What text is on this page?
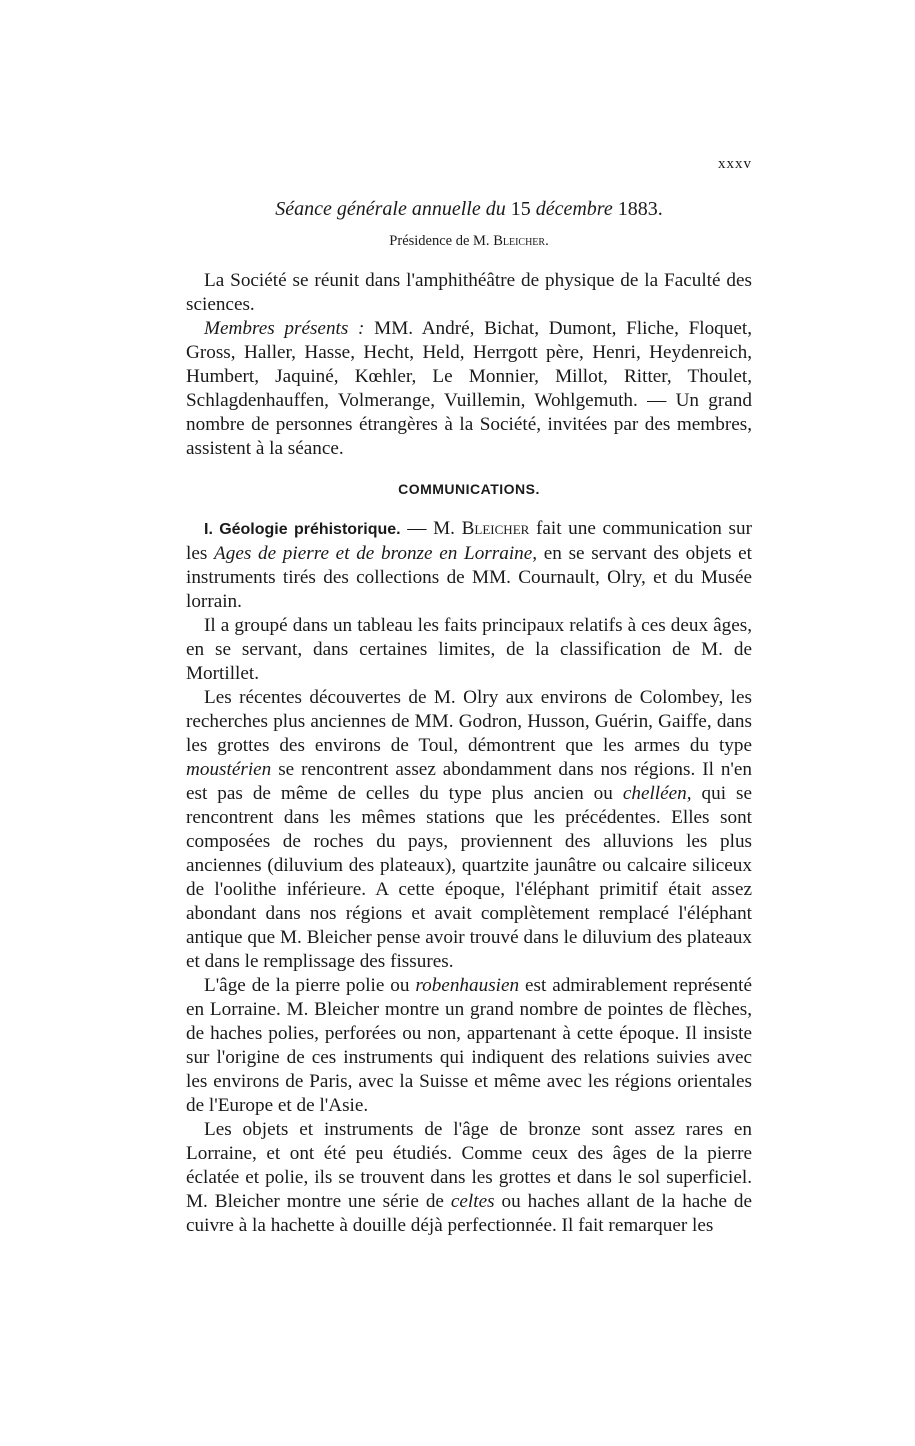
xxxv
Séance générale annuelle du 15 décembre 1883.
Présidence de M. Bleicher.

La Société se réunit dans l'amphithéâtre de physique de la Faculté des sciences.

Membres présents : MM. André, Bichat, Dumont, Fliche, Floquet, Gross, Haller, Hasse, Hecht, Held, Herrgott père, Henri, Heydenreich, Humbert, Jaquiné, Kœhler, Le Monnier, Millot, Ritter, Thoulet, Schlagdenhauffen, Volmerange, Vuillemin, Wohlgemuth. — Un grand nombre de personnes étrangères à la Société, invitées par des membres, assistent à la séance.

COMMUNICATIONS.

I. Géologie préhistorique. — M. Bleicher fait une communication sur les Ages de pierre et de bronze en Lorraine, en se servant des objets et instruments tirés des collections de MM. Cournault, Olry, et du Musée lorrain.

Il a groupé dans un tableau les faits principaux relatifs à ces deux âges, en se servant, dans certaines limites, de la classification de M. de Mortillet.

Les récentes découvertes de M. Olry aux environs de Colombey, les recherches plus anciennes de MM. Godron, Husson, Guérin, Gaiffe, dans les grottes des environs de Toul, démontrent que les armes du type moustérien se rencontrent assez abondamment dans nos régions. Il n'en est pas de même de celles du type plus ancien ou chelléen, qui se rencontrent dans les mêmes stations que les précédentes. Elles sont composées de roches du pays, proviennent des alluvions les plus anciennes (diluvium des plateaux), quartzite jaunâtre ou calcaire siliceux de l'oolithe inférieure. A cette époque, l'éléphant primitif était assez abondant dans nos régions et avait complètement remplacé l'éléphant antique que M. Bleicher pense avoir trouvé dans le diluvium des plateaux et dans le remplissage des fissures.

L'âge de la pierre polie ou robenhausien est admirablement représenté en Lorraine. M. Bleicher montre un grand nombre de pointes de flèches, de haches polies, perforées ou non, appartenant à cette époque. Il insiste sur l'origine de ces instruments qui indiquent des relations suivies avec les environs de Paris, avec la Suisse et même avec les régions orientales de l'Europe et de l'Asie.

Les objets et instruments de l'âge de bronze sont assez rares en Lorraine, et ont été peu étudiés. Comme ceux des âges de la pierre éclatée et polie, ils se trouvent dans les grottes et dans le sol superficiel. M. Bleicher montre une série de celtes ou haches allant de la hache de cuivre à la hachette à douille déjà perfectionnée. Il fait remarquer les
